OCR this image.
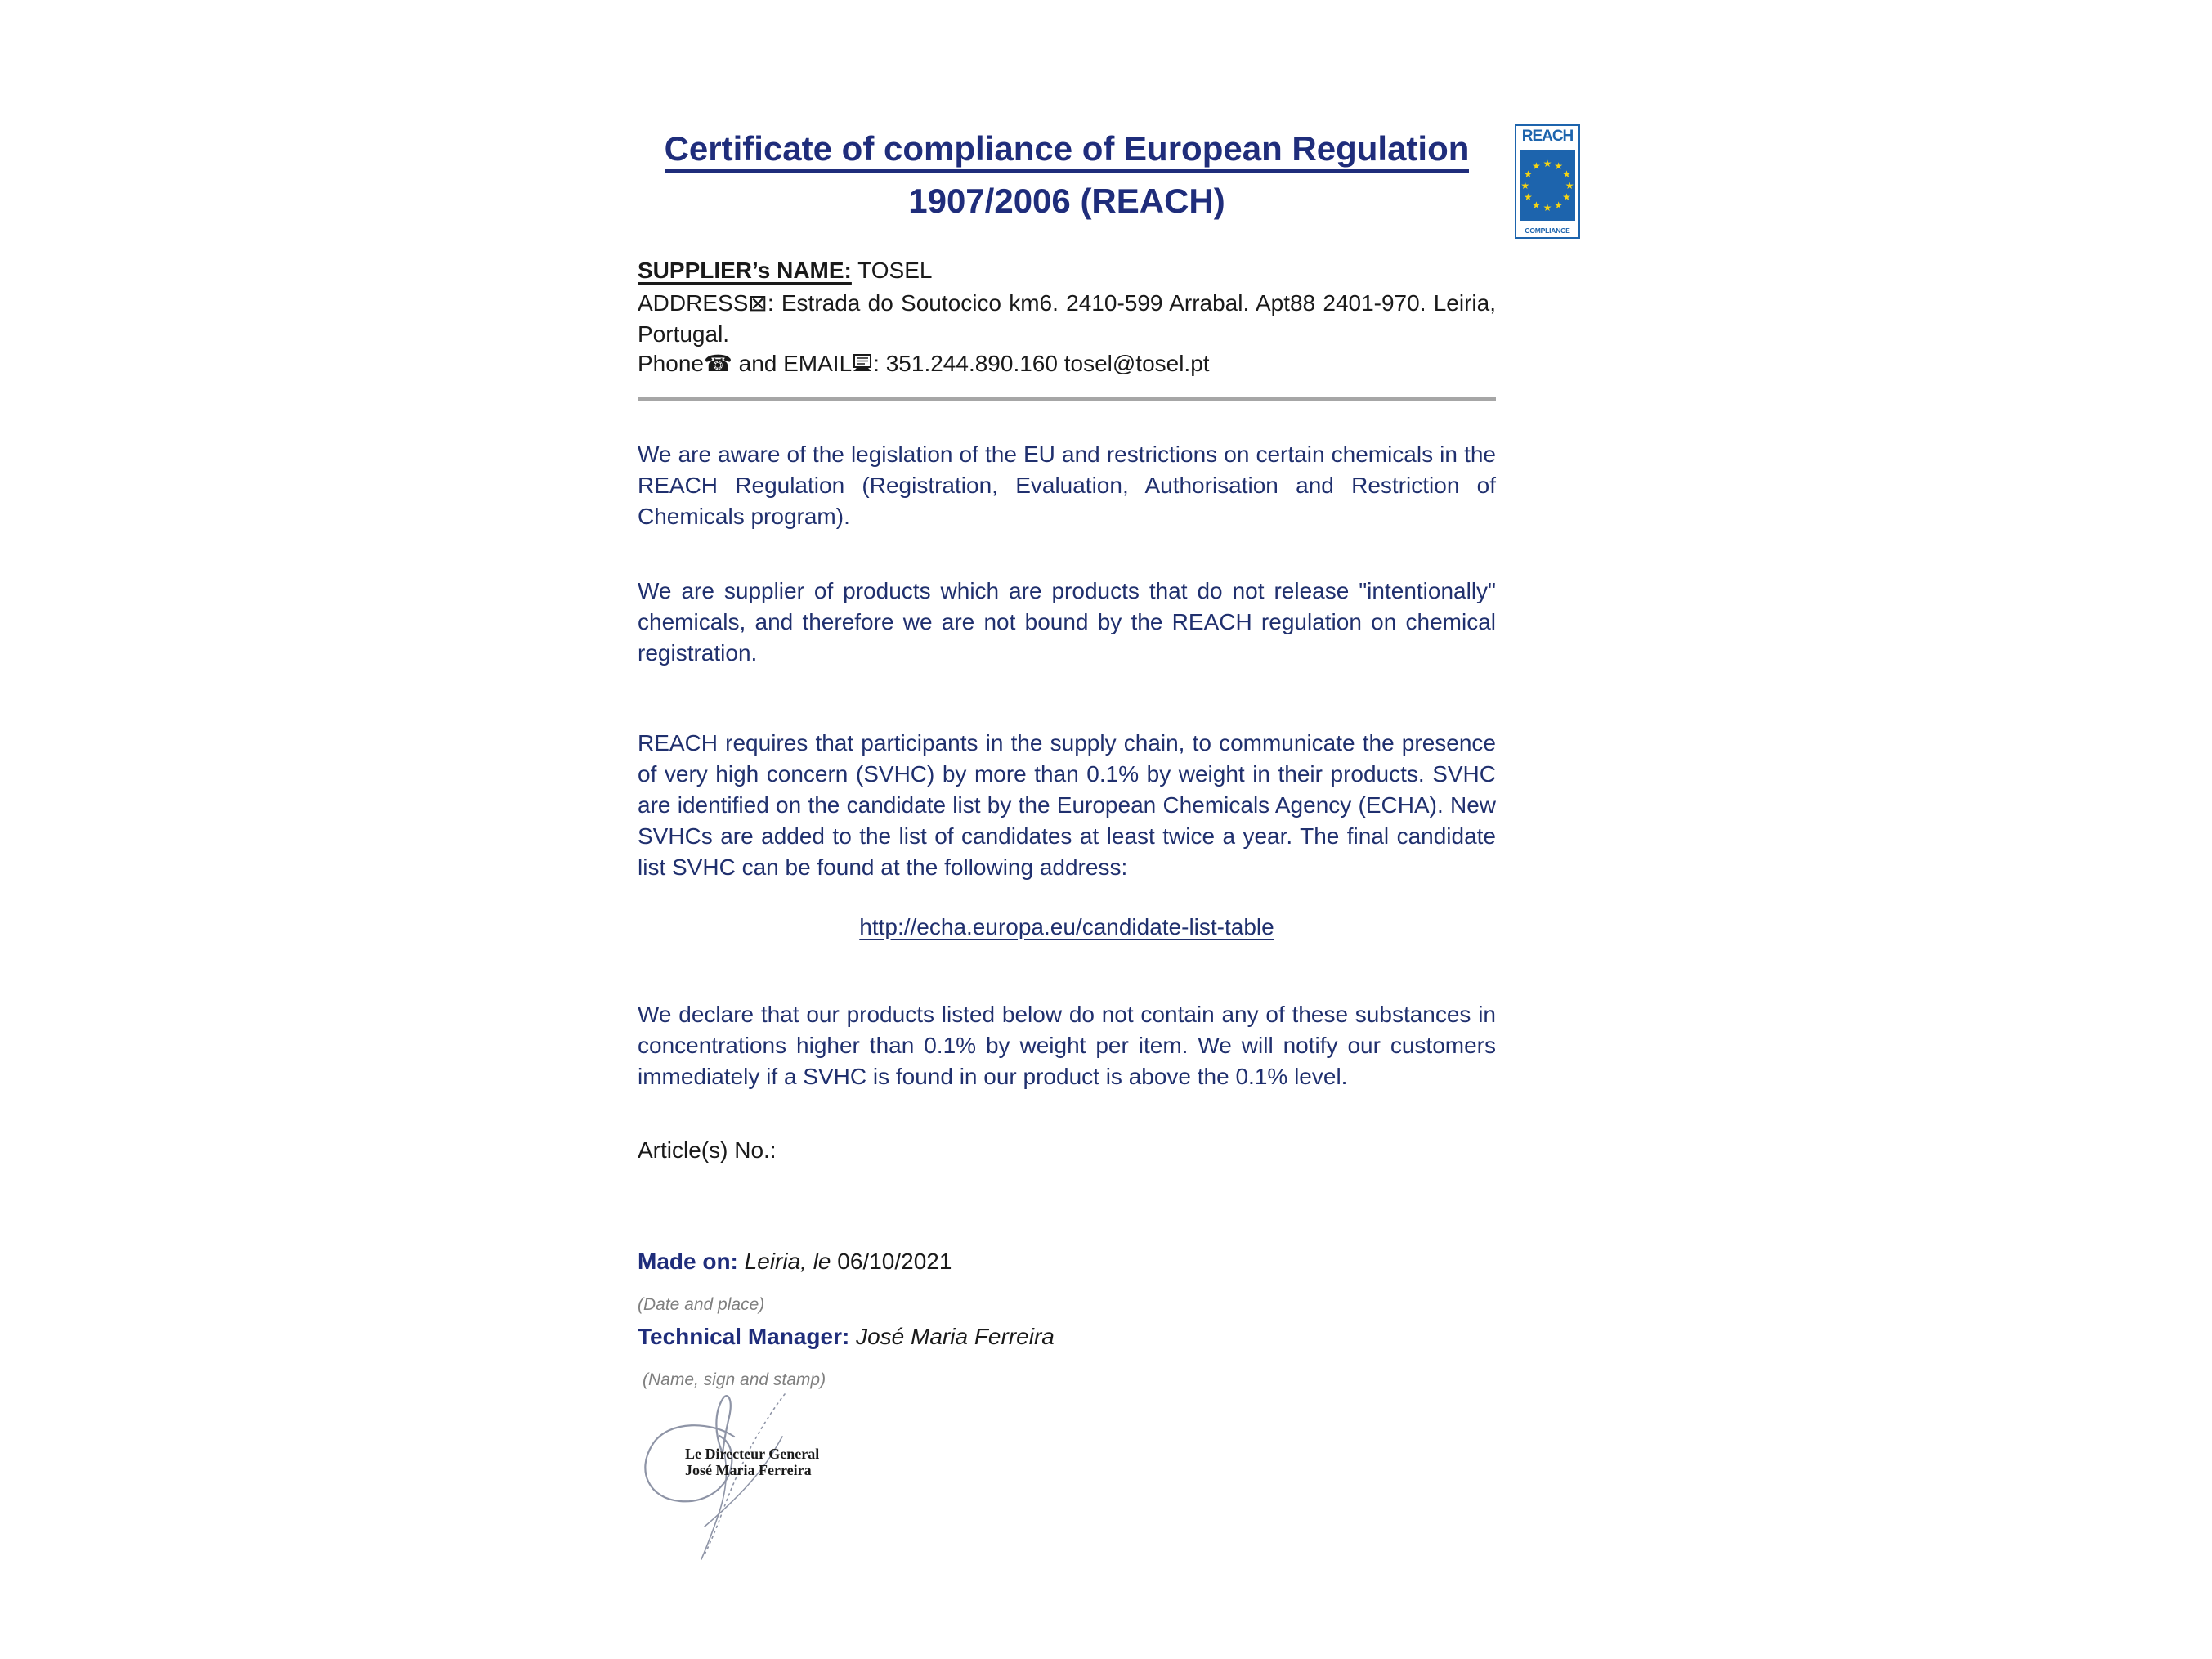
Certificate of compliance of European Regulation
1907/2006 (REACH)
REACH
★ ★
★
★
★
★
★
★
★
★
★
★
COMPLIANCE

SUPPLIER’s NAME: TOSEL

ADDRESS⊠: Estrada do Soutocico km6. 2410-599 Arrabal. Apt88 2401-970. Leiria, Portugal.

Phone☎ and EMAIL : 351.244.890.160 tosel@tosel.pt

We are aware of the legislation of the EU and restrictions on certain chemicals in the REACH Regulation (Registration, Evaluation, Authorisation and Restriction of Chemicals program).

We are supplier of products which are products that do not release "intentionally" chemicals, and therefore we are not bound by the REACH regulation on chemical registration.

REACH requires that participants in the supply chain, to communicate the presence of very high concern (SVHC) by more than 0.1% by weight in their products. SVHC are identified on the candidate list by the European Chemicals Agency (ECHA). New SVHCs are added to the list of candidates at least twice a year. The final candidate list SVHC can be found at the following address:

http://echa.europa.eu/candidate-list-table

We declare that our products listed below do not contain any of these substances in concentrations higher than 0.1% by weight per item. We will notify our customers immediately if a SVHC is found in our product is above the 0.1% level.

Article(s) No.:

Made on: Leiria, le 06/10/2021

(Date and place)

Technical Manager: José Maria Ferreira

(Name, sign and stamp)

Le Directeur General
José Maria Ferreira
